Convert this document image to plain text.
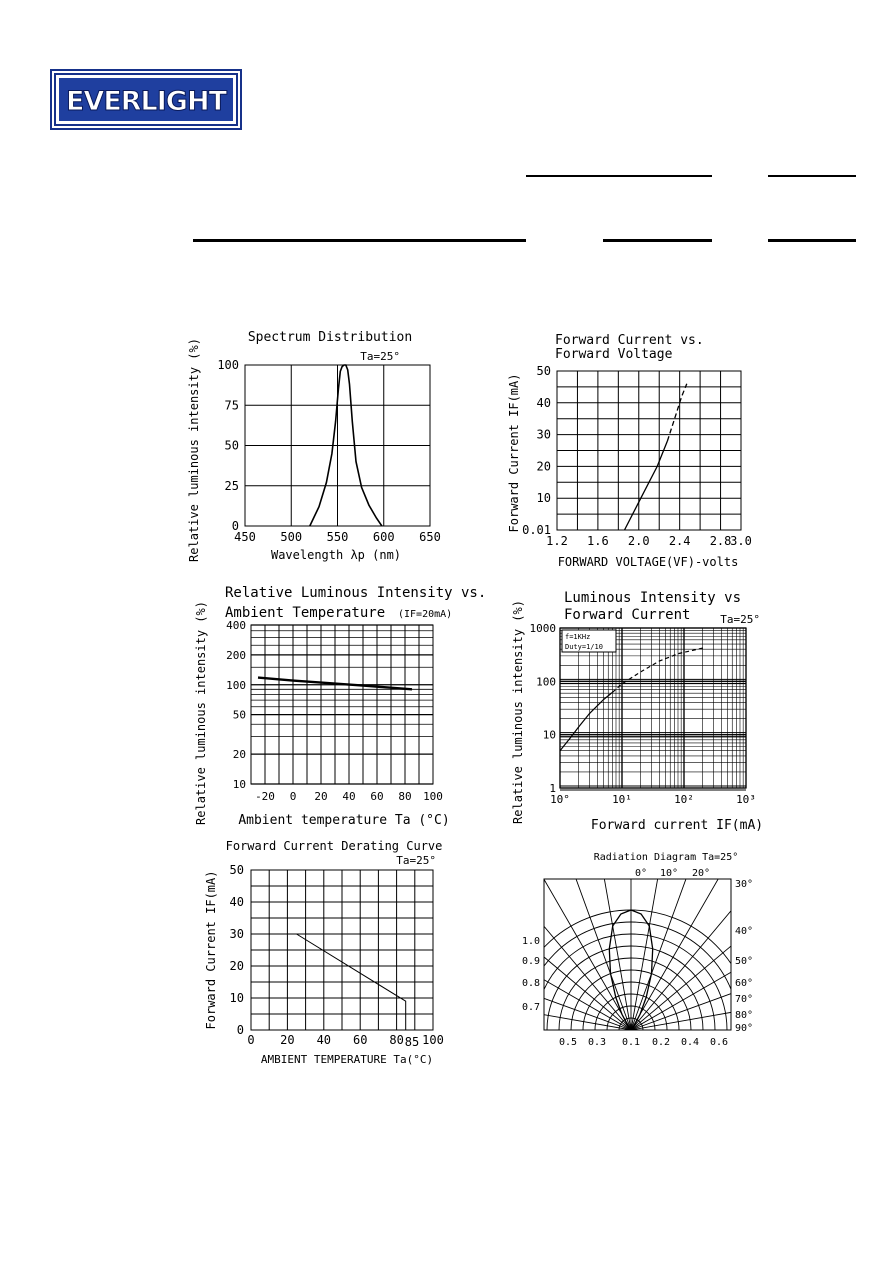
EVERLIGHT
Spectrum Distribution
Ta=25°
450 500 550 600 650
0
25
50
75
100
Wavelength λp (nm)
Relative luminous intensity (%)	Forward Current vs. Forward Voltage
1.2 1.6 2.0 2.4 2.8
3.0
0.01
10
20
30
40
50
FORWARD VOLTAGE(VF)-volts
Forward Current IF(mA)
Relative Luminous Intensity vs. Ambient Temperature	(IF=20mA)
-20 0 20 40 60 80 100
10
20
50
100
200
400
Ambient temperature Ta (°C)
Relative luminous intensity (%)
Luminous Intensity vs Forward Current	Ta=25°
10°	10¹	10²	10³
1
10
100
1000
f=1KHz
Duty=1/10
Forward current IF(mA)
Relative luminous intensity (%)
Forward Current Derating Curve
Ta=25°
0 20 40 60 80 100
0
10
20
30
40
50
85
AMBIENT TEMPERATURE Ta(°C)
Forward Current IF(mA)
Radiation Diagram Ta=25°
0° 10° 20°
30°
40°
50°
60°
70°
80°
90°
1.0
0.9
0.8
0.7
0.5 0.3 0.1 0.2 0.4 0.6
